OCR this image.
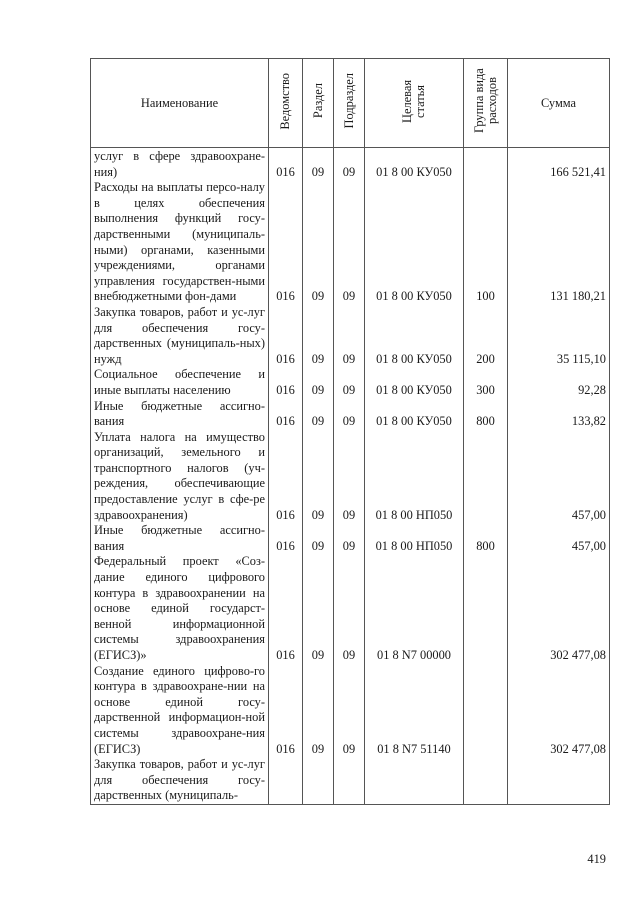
Наименование	Ведомство	Раздел	Подраздел	Целевая статья	Группа вида расходов	Сумма
услуг в сфере здравоохране-ния)	016	09	09	01 8 00 КУ050		166 521,41
Расходы на выплаты персо-налу в целях обеспечения выполнения функций госу-дарственными (муниципаль-ными) органами, казенными учреждениями, органами управления государствен-ными внебюджетными фон-дами	016	09	09	01 8 00 КУ050	100	131 180,21
Закупка товаров, работ и ус-луг для обеспечения госу-дарственных (муниципаль-ных) нужд	016	09	09	01 8 00 КУ050	200	35 115,10
Социальное обеспечение и иные выплаты населению	016	09	09	01 8 00 КУ050	300	92,28
Иные бюджетные ассигно-вания	016	09	09	01 8 00 КУ050	800	133,82
Уплата налога на имущество организаций, земельного и транспортного налогов (уч-реждения, обеспечивающие предоставление услуг в сфе-ре здравоохранения)	016	09	09	01 8 00 НП050		457,00
Иные бюджетные ассигно-вания	016	09	09	01 8 00 НП050	800	457,00
Федеральный проект «Соз-дание единого цифрового контура в здравоохранении на основе единой государст-венной информационной системы здравоохранения (ЕГИСЗ)»	016	09	09	01 8 N7 00000		302 477,08
Создание единого цифрово-го контура в здравоохране-нии на основе единой госу-дарственной информацион-ной системы здравоохране-ния (ЕГИСЗ)	016	09	09	01 8 N7 51140		302 477,08
Закупка товаров, работ и ус-луг для обеспечения госу-дарственных (муниципаль-						
419
